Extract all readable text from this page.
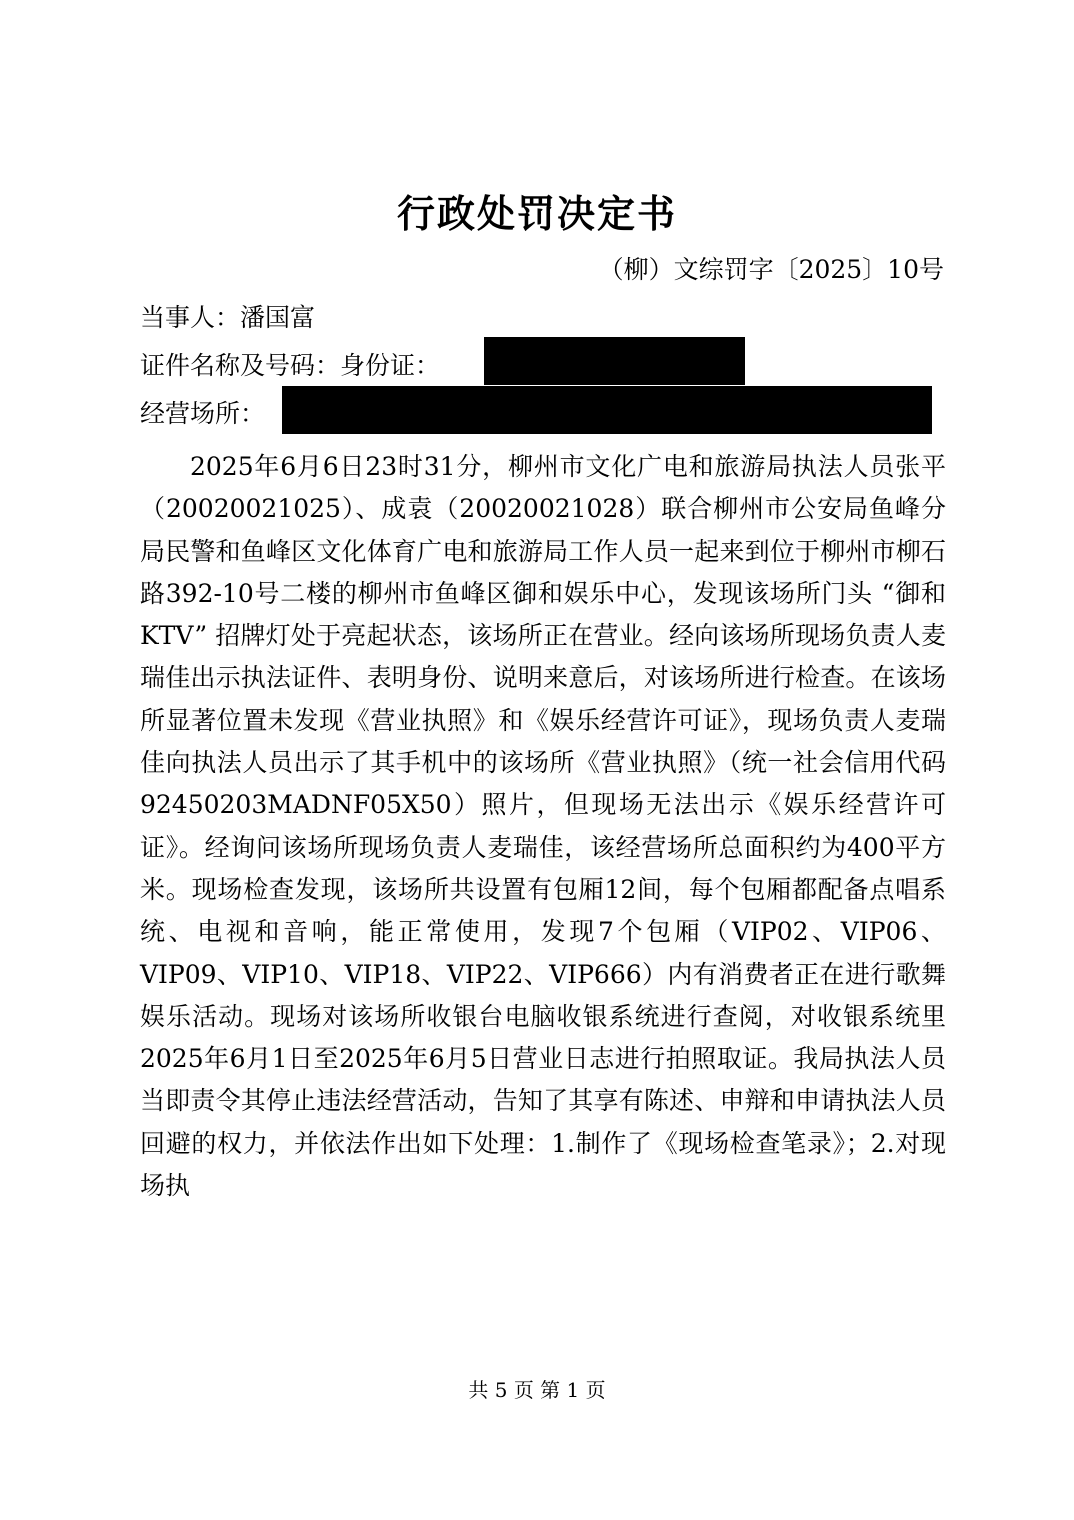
行政处罚决定书
（柳）文综罚字〔2025〕10号
当事人：潘国富
证件名称及号码：身份证：
经营场所：

2025年6月6日23时31分，柳州市文化广电和旅游局执法人员张平（20020021025）、成袁（20020021028）联合柳州市公安局鱼峰分局民警和鱼峰区文化体育广电和旅游局工作人员一起来到位于柳州市柳石路392-10号二楼的柳州市鱼峰区御和娱乐中心，发现该场所门头 “御和KTV” 招牌灯处于亮起状态，该场所正在营业。经向该场所现场负责人麦瑞佳出示执法证件、表明身份、说明来意后，对该场所进行检查。在该场所显著位置未发现《营业执照》和《娱乐经营许可证》，现场负责人麦瑞佳向执法人员出示了其手机中的该场所《营业执照》（统一社会信用代码92450203MADNF05X50）照片，但现场无法出示《娱乐经营许可证》。经询问该场所现场负责人麦瑞佳，该经营场所总面积约为400平方米。现场检查发现，该场所共设置有包厢12间，每个包厢都配备点唱系统、电视和音响，能正常使用，发现7个包厢（VIP02、VIP06、VIP09、VIP10、VIP18、VIP22、VIP666）内有消费者正在进行歌舞娱乐活动。现场对该场所收银台电脑收银系统进行查阅，对收银系统里2025年6月1日至2025年6月5日营业日志进行拍照取证。我局执法人员当即责令其停止违法经营活动，告知了其享有陈述、申辩和申请执法人员回避的权力，并依法作出如下处理：1.制作了《现场检查笔录》；2.对现场执

共 5 页 第 1 页
